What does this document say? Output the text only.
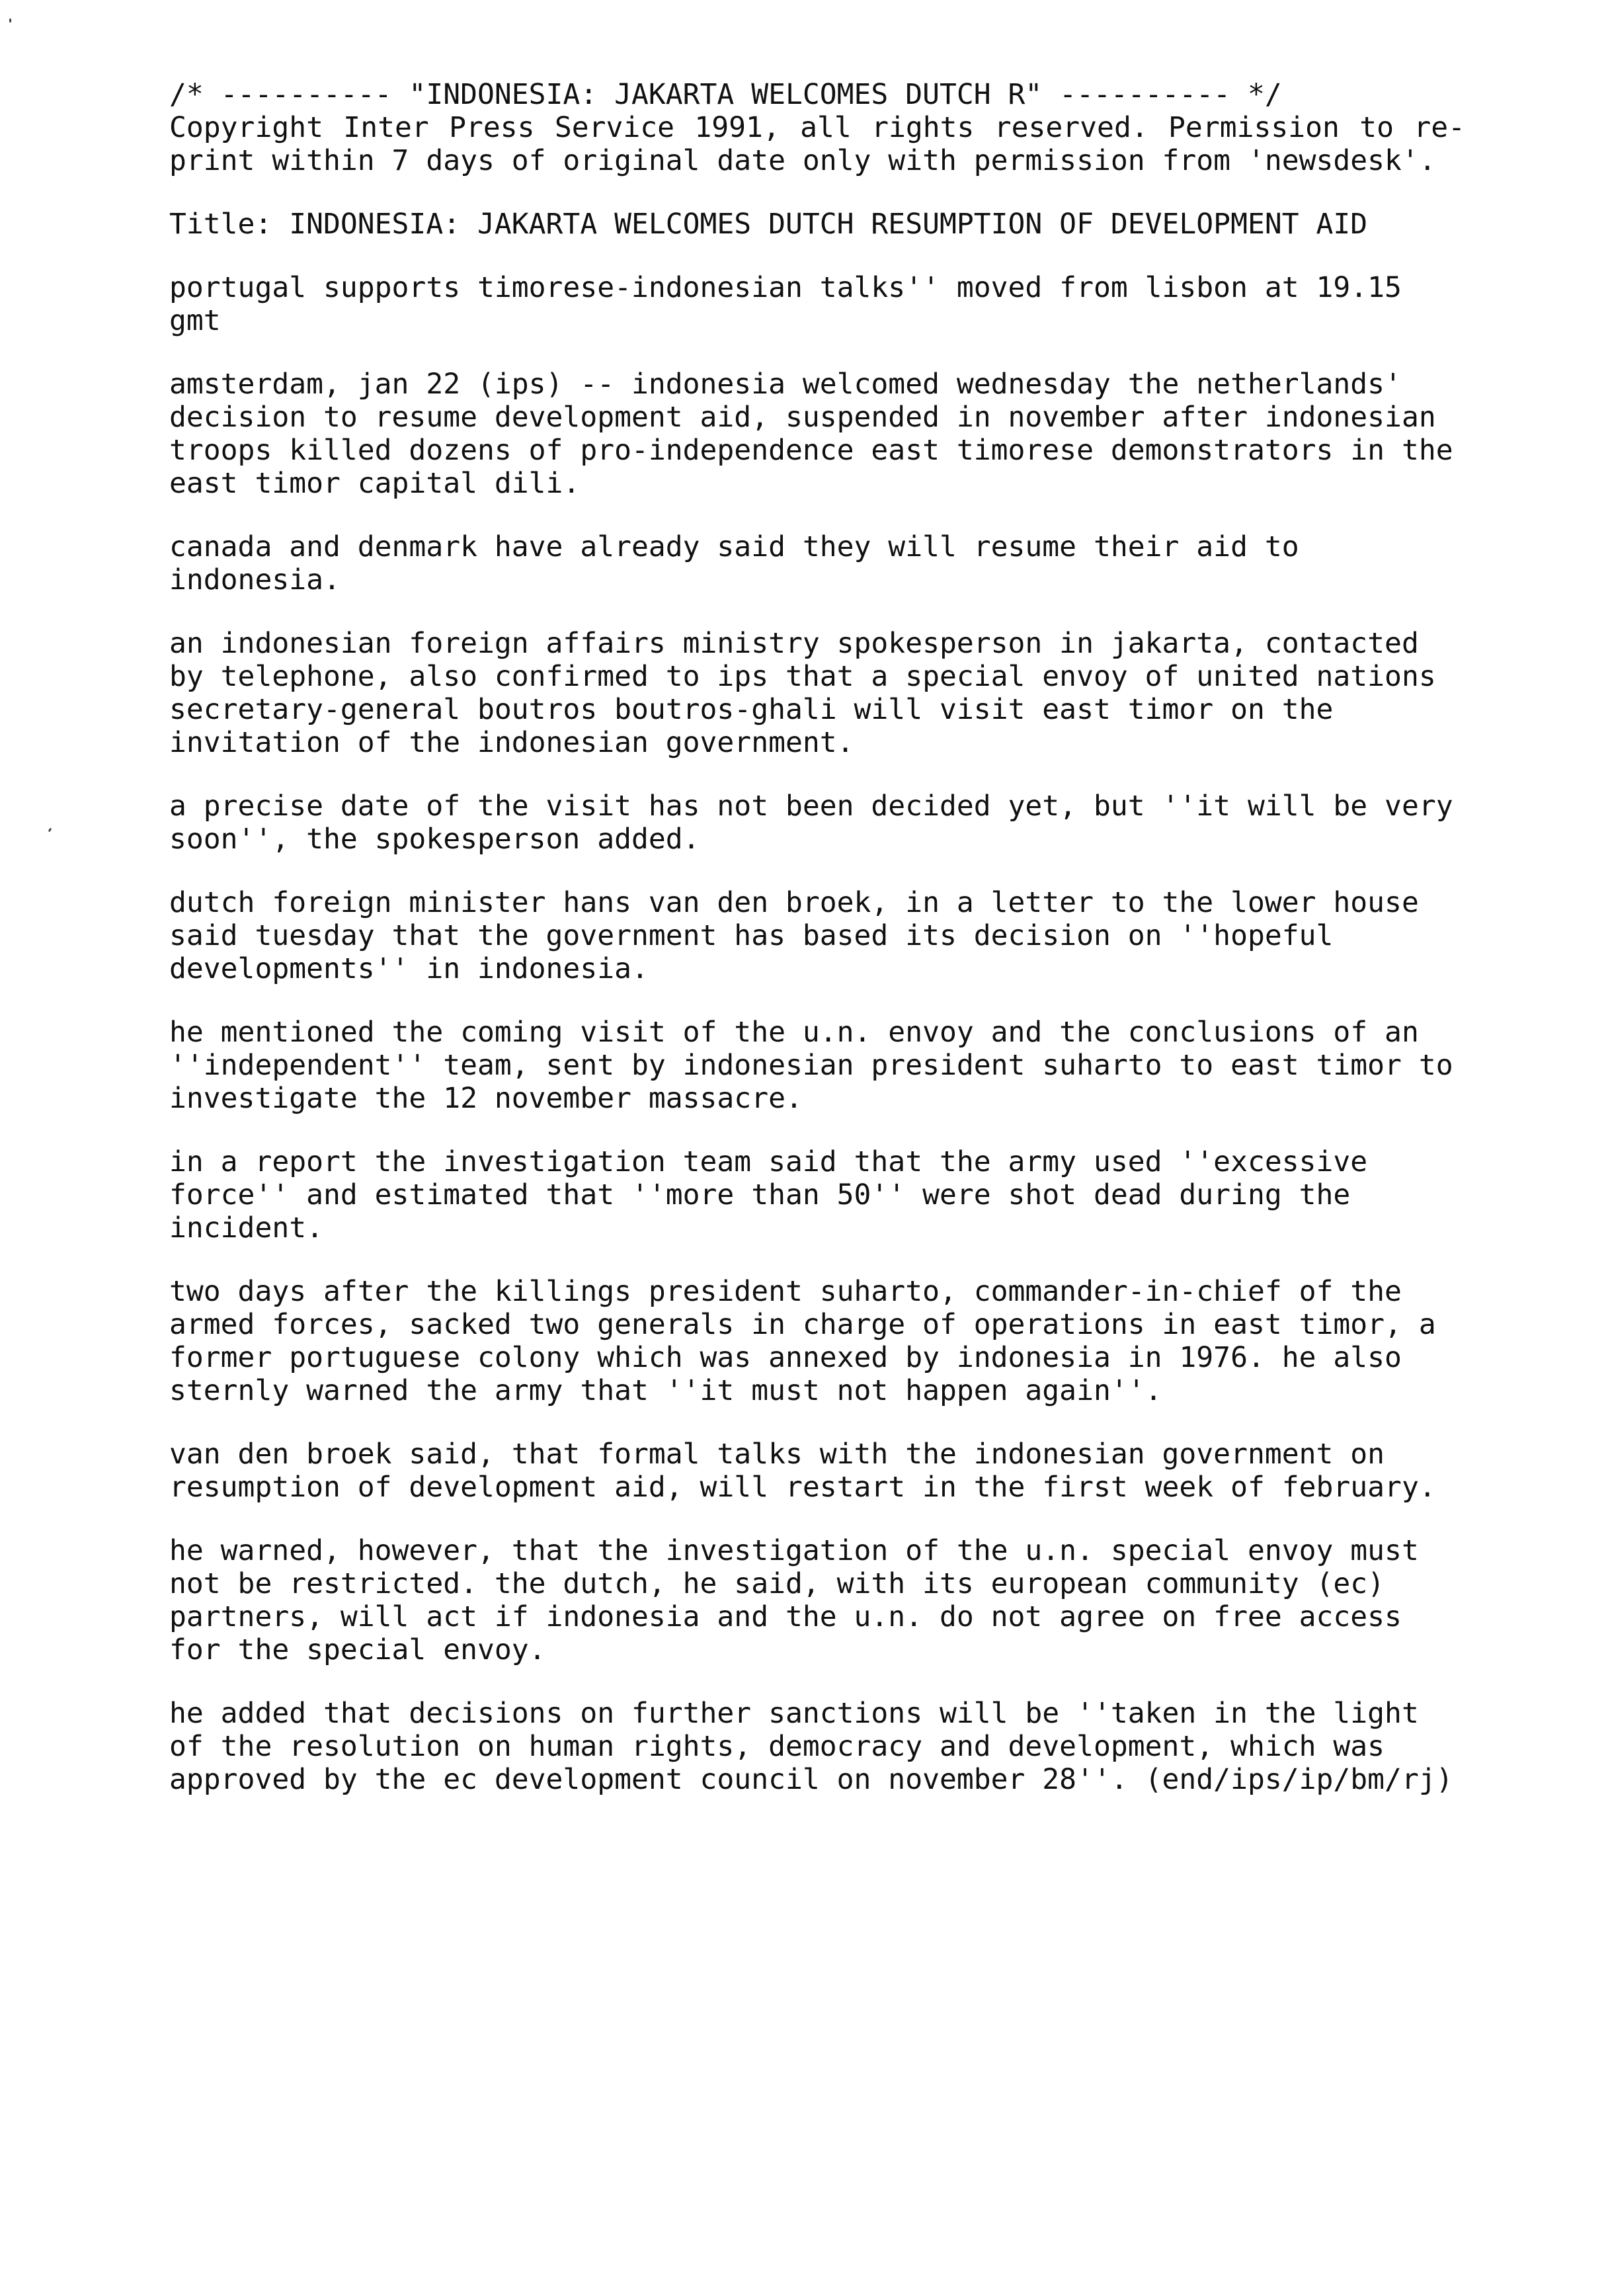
/* ---------- "INDONESIA: JAKARTA WELCOMES DUTCH R" ---------- */

Copyright Inter Press Service 1991, all rights reserved. Permission to re-print within 7 days of original date only with permission from 'newsdesk'.

Title: INDONESIA: JAKARTA WELCOMES DUTCH RESUMPTION OF DEVELOPMENT AID

portugal supports timorese-indonesian talks'' moved from lisbon at 19.15 gmt

amsterdam, jan 22 (ips) -- indonesia welcomed wednesday the netherlands' decision to resume development aid, suspended in november after indonesian troops killed dozens of pro-independence east timorese demonstrators in the east timor capital dili.

canada and denmark have already said they will resume their aid to indonesia.

an indonesian foreign affairs ministry spokesperson in jakarta, contacted by telephone, also confirmed to ips that a special envoy of united nations secretary-general boutros boutros-ghali will visit east timor on the invitation of the indonesian government.

a precise date of the visit has not been decided yet, but ''it will be very soon'', the spokesperson added.

dutch foreign minister hans van den broek, in a letter to the lower house said tuesday that the government has based its decision on ''hopeful developments'' in indonesia.

he mentioned the coming visit of the u.n. envoy and the conclusions of an ''independent'' team, sent by indonesian president suharto to east timor to investigate the 12 november massacre.

in a report the investigation team said that the army used ''excessive force'' and estimated that ''more than 50'' were shot dead during the incident.

two days after the killings president suharto, commander-in-chief of the armed forces, sacked two generals in charge of operations in east timor, a former portuguese colony which was annexed by indonesia in 1976. he also sternly warned the army that ''it must not happen again''.

van den broek said, that formal talks with the indonesian government on resumption of development aid, will restart in the first week of february.

he warned, however, that the investigation of the u.n. special envoy must not be restricted. the dutch, he said, with its european community (ec) partners, will act if indonesia and the u.n. do not agree on free access for the special envoy.

he added that decisions on further sanctions will be ''taken in the light of the resolution on human rights, democracy and development, which was approved by the ec development council on november 28''. (end/ips/ip/bm/rj)
